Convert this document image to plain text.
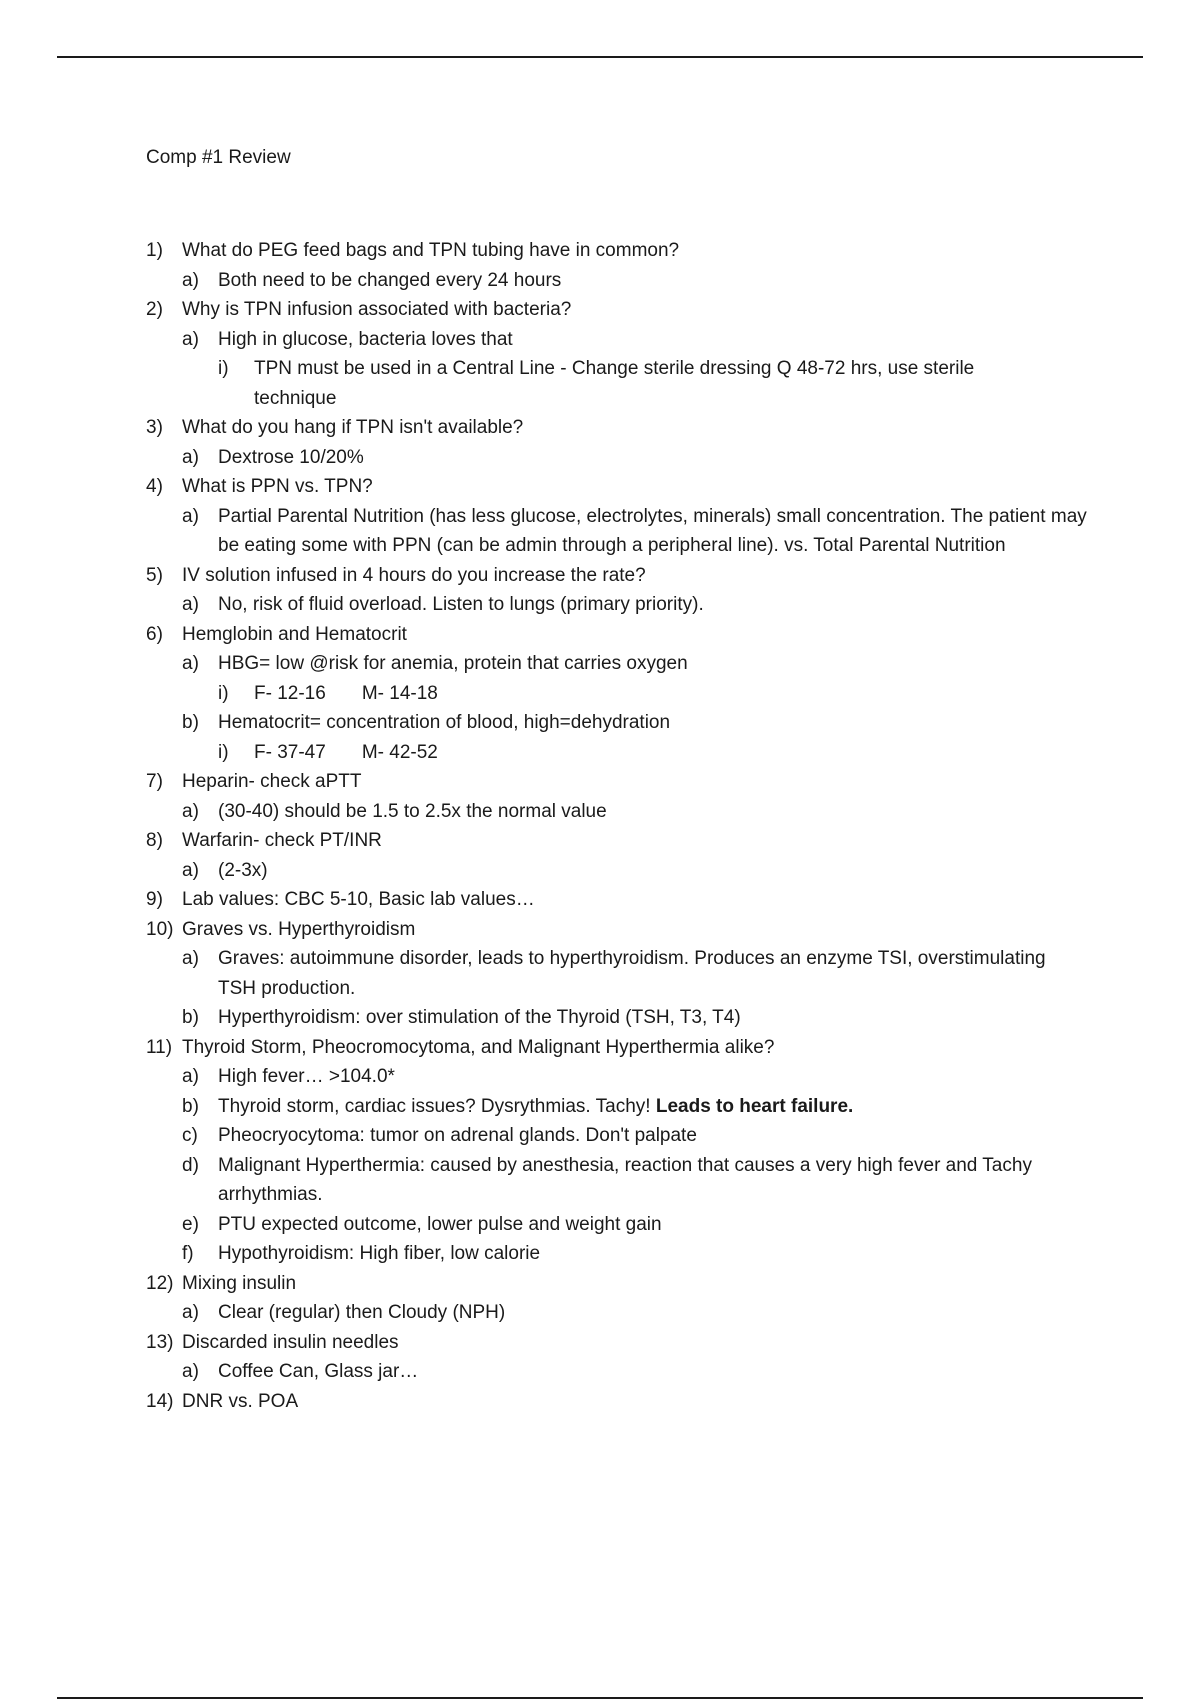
Comp #1 Review
1) What do PEG feed bags and TPN tubing have in common?
a) Both need to be changed every 24 hours
2) Why is TPN infusion associated with bacteria?
a) High in glucose, bacteria loves that
i) TPN must be used in a Central Line - Change sterile dressing Q 48-72 hrs, use sterile technique
3) What do you hang if TPN isn't available?
a) Dextrose 10/20%
4) What is PPN vs. TPN?
a) Partial Parental Nutrition (has less glucose, electrolytes, minerals) small concentration. The patient may be eating some with PPN (can be admin through a peripheral line). vs. Total Parental Nutrition
5) IV solution infused in 4 hours do you increase the rate?
a) No, risk of fluid overload. Listen to lungs (primary priority).
6) Hemglobin and Hematocrit
a) HBG= low @risk for anemia, protein that carries oxygen
i) F- 12-16 M- 14-18
b) Hematocrit= concentration of blood, high=dehydration
i) F- 37-47 M- 42-52
7) Heparin- check aPTT
a) (30-40) should be 1.5 to 2.5x the normal value
8) Warfarin- check PT/INR
a) (2-3x)
9) Lab values: CBC 5-10, Basic lab values…
10) Graves vs. Hyperthyroidism
a) Graves: autoimmune disorder, leads to hyperthyroidism. Produces an enzyme TSI, overstimulating TSH production.
b) Hyperthyroidism: over stimulation of the Thyroid (TSH, T3, T4)
11) Thyroid Storm, Pheocromocytoma, and Malignant Hyperthermia alike?
a) High fever… >104.0*
b) Thyroid storm, cardiac issues? Dysrythmias. Tachy! Leads to heart failure.
c) Pheocryocytoma: tumor on adrenal glands. Don't palpate
d) Malignant Hyperthermia: caused by anesthesia, reaction that causes a very high fever and Tachy arrhythmias.
e) PTU expected outcome, lower pulse and weight gain
f) Hypothyroidism: High fiber, low calorie
12) Mixing insulin
a) Clear (regular) then Cloudy (NPH)
13) Discarded insulin needles
a) Coffee Can, Glass jar…
14) DNR vs. POA
